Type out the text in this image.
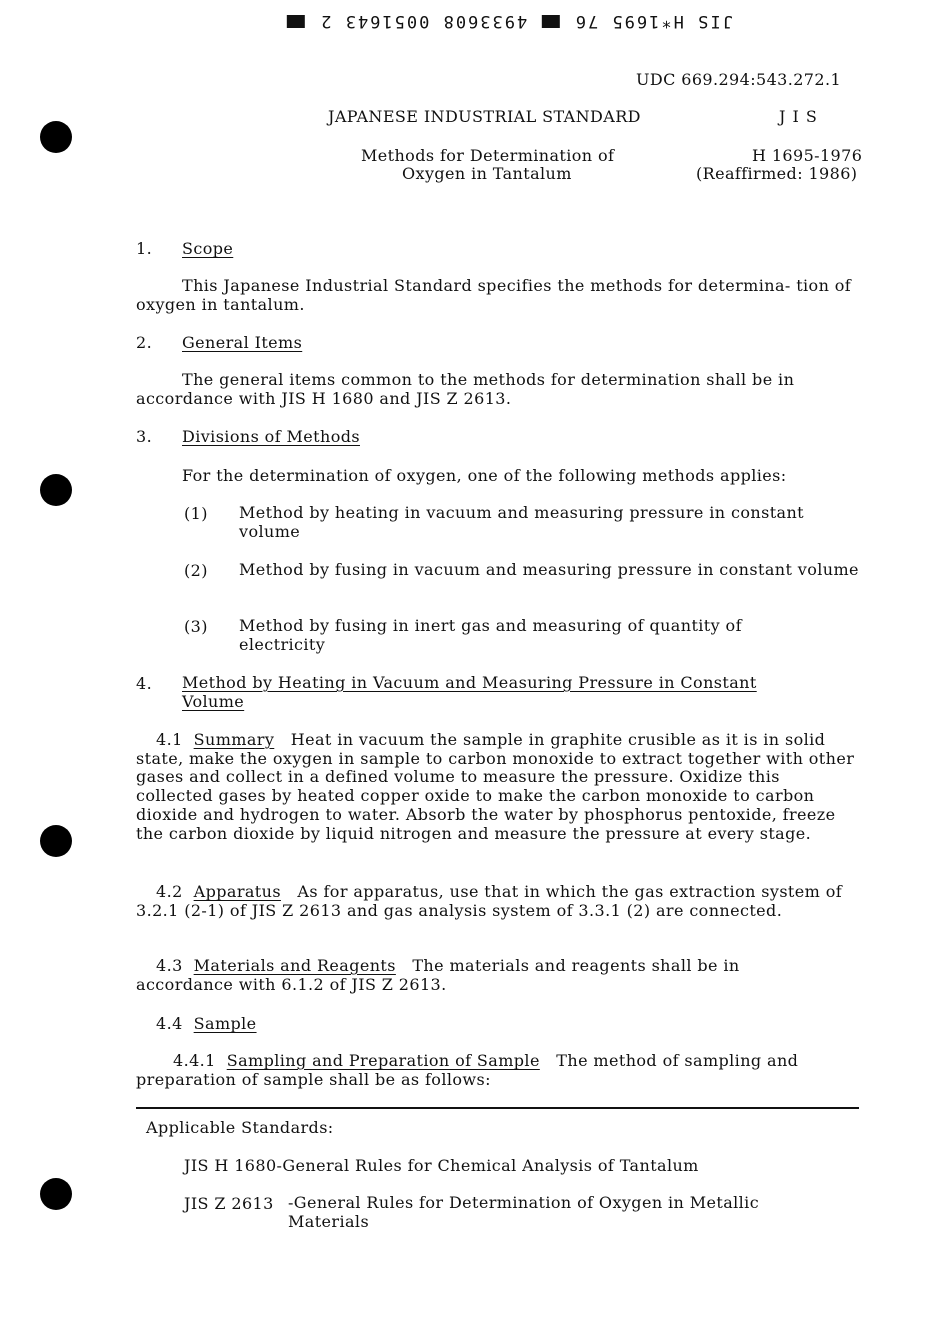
JIS H*1695 76  4933608 0051643 2
UDC 669.294:543.272.1
JAPANESE INDUSTRIAL STANDARD	J I S
Methods for Determination of
Oxygen in Tantalum
H 1695-1976
(Reaffirmed: 1986)
1. Scope

This Japanese Industrial Standard specifies the methods for determina- tion of oxygen in tantalum.

2. General Items

The general items common to the methods for determination shall be in accordance with JIS H 1680 and JIS Z 2613.

3. Divisions of Methods
For the determination of oxygen, one of the following methods applies:
(1) Method by heating in vacuum and measuring pressure in constant volume

(2) Method by fusing in vacuum and measuring pressure in constant volume

(3) Method by fusing in inert gas and measuring of quantity of electricity

4. Method by Heating in Vacuum and Measuring Pressure in Constant Volume

4.1 Summary Heat in vacuum the sample in graphite crusible as it is in solid state, make the oxygen in sample to carbon monoxide to extract together with other gases and collect in a defined volume to measure the pressure. Oxidize this collected gases by heated copper oxide to make the carbon monoxide to carbon dioxide and hydrogen to water. Absorb the water by phosphorus pentoxide, freeze the carbon dioxide by liquid nitrogen and measure the pressure at every stage.

4.2 Apparatus As for apparatus, use that in which the gas extraction system of 3.2.1 (2-1) of JIS Z 2613 and gas analysis system of 3.3.1 (2) are connected.

4.3 Materials and Reagents The materials and reagents shall be in accordance with 6.1.2 of JIS Z 2613.

4.4 Sample

4.4.1 Sampling and Preparation of Sample The method of sampling and preparation of sample shall be as follows:

Applicable Standards:
JIS H 1680-General Rules for Chemical Analysis of Tantalum
JIS Z 2613 -General Rules for Determination of Oxygen in Metallic Materials
